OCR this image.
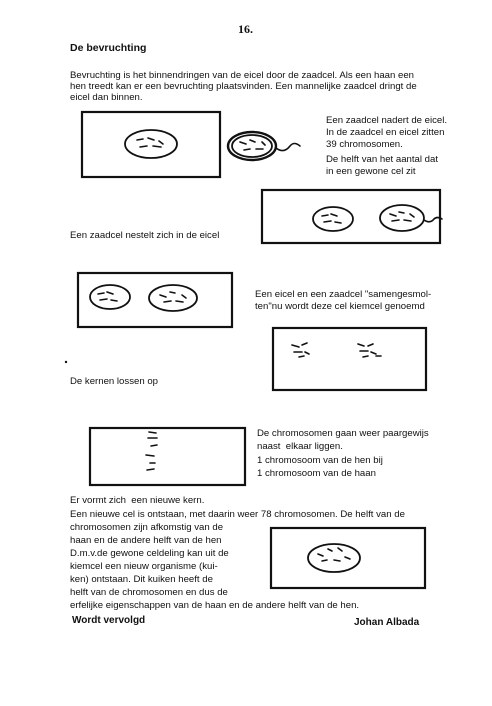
16.
De bevruchting
Bevruchting is het binnendringen van de eicel door de zaadcel. Als een haan een
hen treedt kan er een bevruchting plaatsvinden. Een mannelijke zaadcel dringt de
eicel dan binnen.
Een zaadcel nadert de eicel.
In de zaadcel en eicel zitten
39 chromosomen.
De helft van het aantal dat
in een gewone cel zit
Een zaadcel nestelt zich in de eicel
Een eicel en een zaadcel "samengesmol-
ten"nu wordt deze cel kiemcel genoemd
De kernen lossen op
De chromosomen gaan weer paargewijs
naast  elkaar liggen.
1 chromosoom van de hen bij
1 chromosoom van de haan
Er vormt zich  een nieuwe kern.
Een nieuwe cel is ontstaan, met daarin weer 78 chromosomen. De helft van de
chromosomen zijn afkomstig van de
haan en de andere helft van de hen
D.m.v.de gewone celdeling kan uit de
kiemcel een nieuw organisme (kui-
ken) ontstaan. Dit kuiken heeft de
helft van de chromosomen en dus de
erfelijke eigenschappen van de haan en de andere helft van de hen.
Wordt vervolgd	Johan Albada
